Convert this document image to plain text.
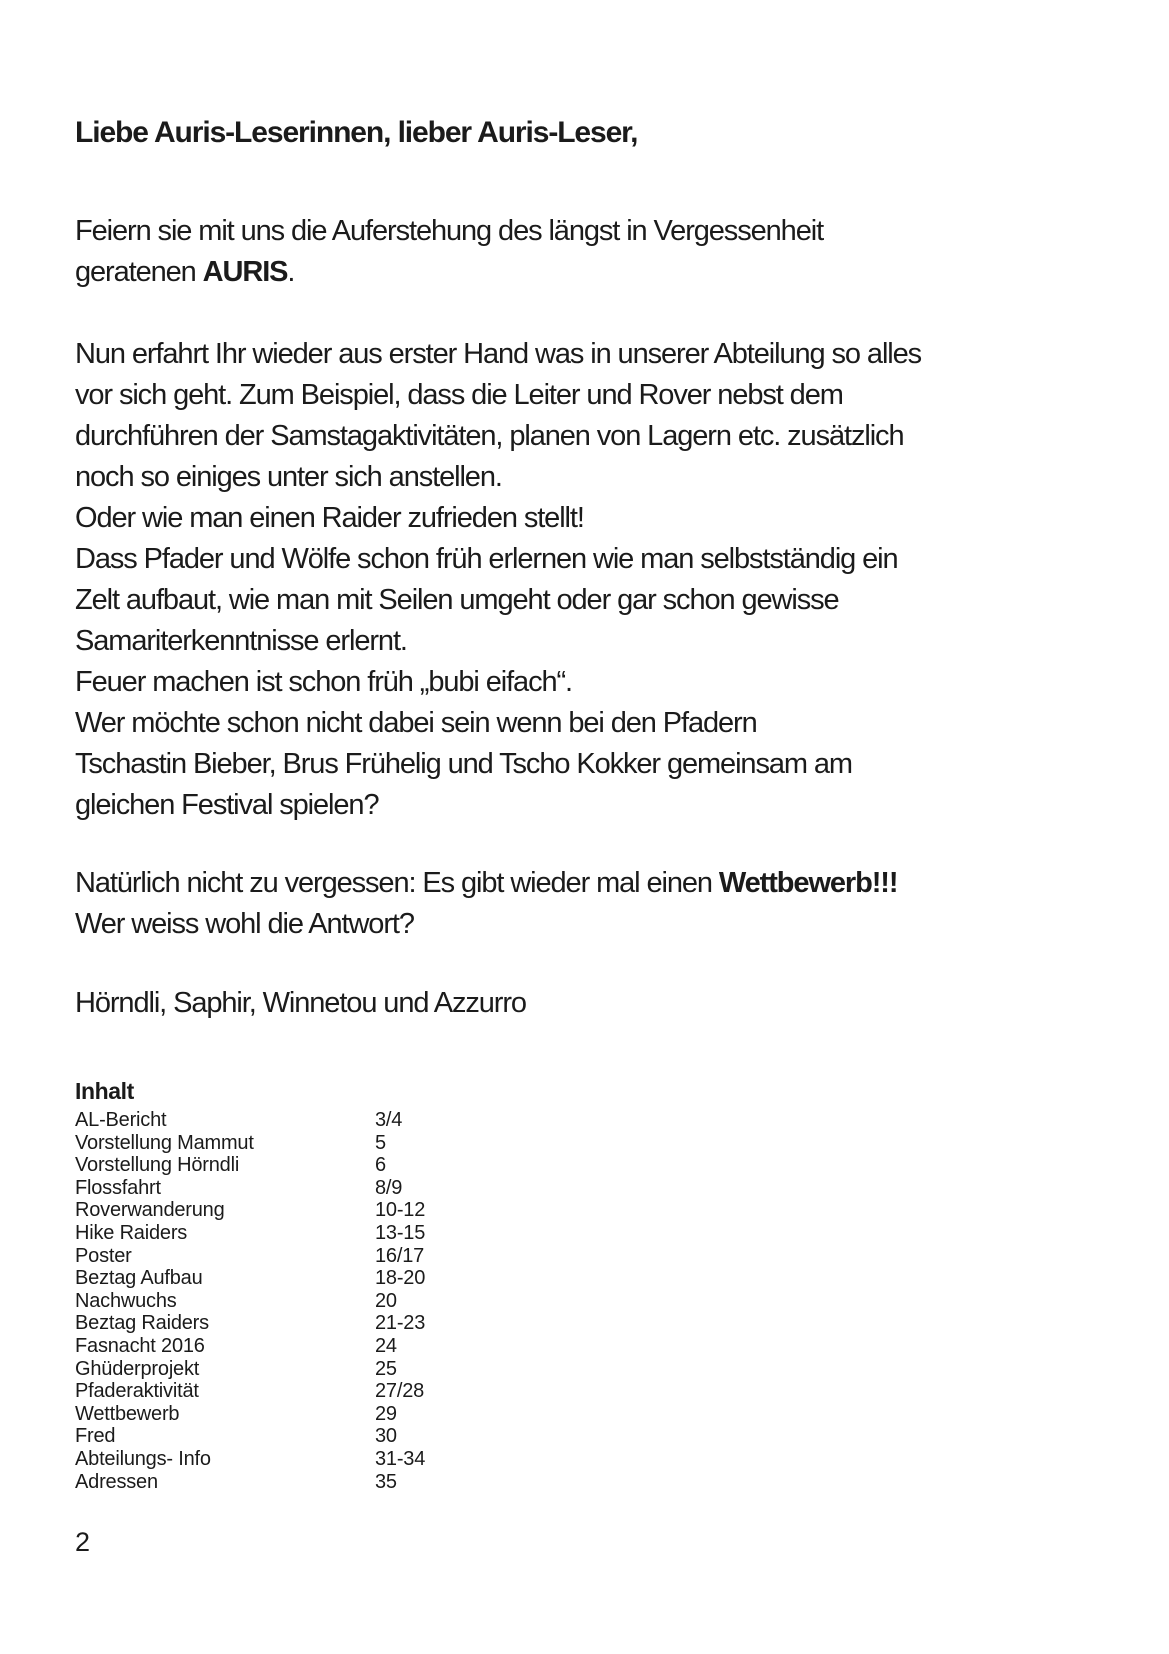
Liebe Auris-Leserinnen, lieber Auris-Leser,
Feiern sie mit uns die Auferstehung des längst in Vergessenheit
geratenen AURIS.
Nun erfahrt Ihr wieder aus erster Hand was in unserer Abteilung so alles
vor sich geht. Zum Beispiel, dass die Leiter und Rover nebst dem
durchführen der Samstagaktivitäten, planen von Lagern etc. zusätzlich
noch so einiges unter sich anstellen.
Oder wie man einen Raider zufrieden stellt!
Dass Pfader und Wölfe schon früh erlernen wie man selbstständig ein
Zelt aufbaut, wie man mit Seilen umgeht oder gar schon gewisse
Samariterkenntnisse erlernt.
Feuer machen ist schon früh „bubi eifach“.
Wer möchte schon nicht dabei sein wenn bei den Pfadern
Tschastin Bieber, Brus Frühelig und Tscho Kokker gemeinsam am
gleichen Festival spielen?
Natürlich nicht zu vergessen: Es gibt wieder mal einen Wettbewerb!!!
Wer weiss wohl die Antwort?
Hörndli, Saphir, Winnetou und Azzurro
Inhalt
AL-Bericht	3/4
Vorstellung Mammut	5
Vorstellung Hörndli	6
Flossfahrt	8/9
Roverwanderung	10-12
Hike Raiders	13-15
Poster	16/17
Beztag Aufbau	18-20
Nachwuchs	20
Beztag Raiders	21-23
Fasnacht 2016	24
Ghüderprojekt	25
Pfaderaktivität	27/28
Wettbewerb	29
Fred	30
Abteilungs- Info	31-34
Adressen	35
2
